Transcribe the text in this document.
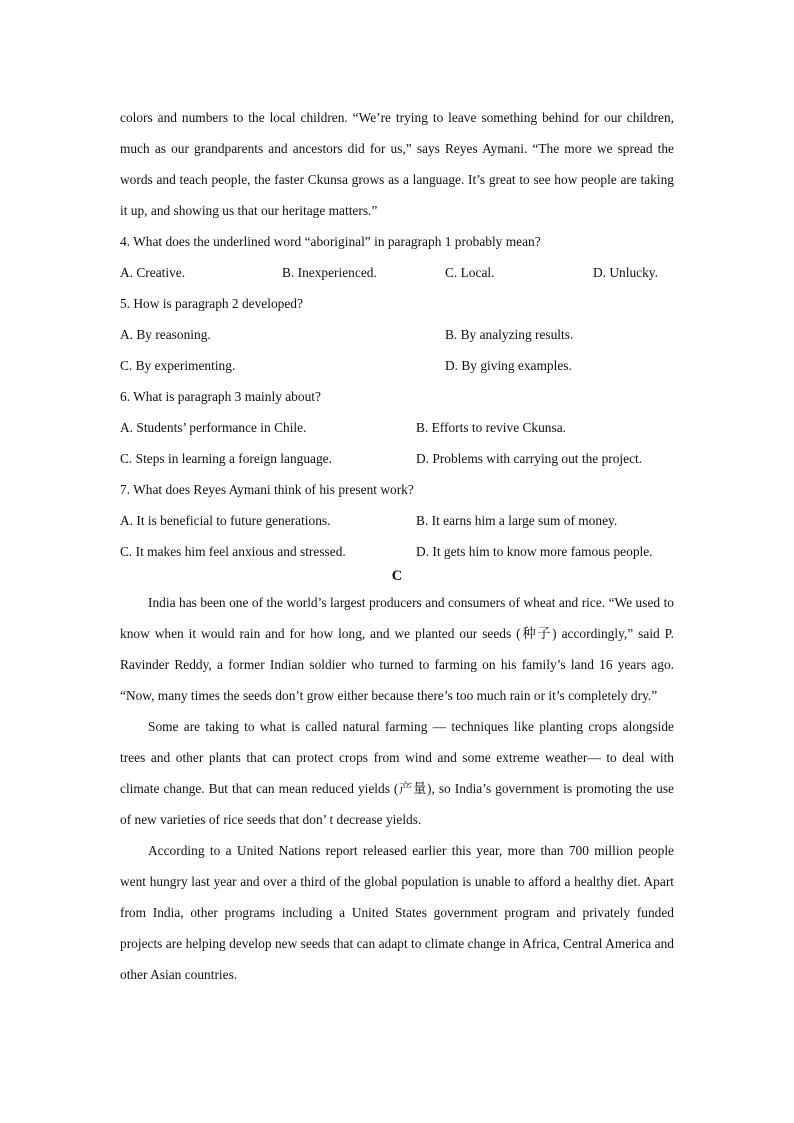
colors and numbers to the local children. “We’re trying to leave something behind for our children, much as our grandparents and ancestors did for us,” says Reyes Aymani. “The more we spread the words and teach people, the faster Ckunsa grows as a language. It’s great to see how people are taking it up, and showing us that our heritage matters.”

4. What does the underlined word “aboriginal” in paragraph 1 probably mean?

A. Creative.	B. Inexperienced.	C. Local.	D. Unlucky.

5. How is paragraph 2 developed?

A. By reasoning.	B. By analyzing results.
C. By experimenting.	D. By giving examples.

6. What is paragraph 3 mainly about?

A. Students’ performance in Chile.	B. Efforts to revive Ckunsa.
C. Steps in learning a foreign language.	D. Problems with carrying out the project.

7. What does Reyes Aymani think of his present work?

A. It is beneficial to future generations.	B. It earns him a large sum of money.
C. It makes him feel anxious and stressed.	D. It gets him to know more famous people.
C

India has been one of the world’s largest producers and consumers of wheat and rice. “We used to know when it would rain and for how long, and we planted our seeds (种子) accordingly,” said P. Ravinder Reddy, a former Indian soldier who turned to farming on his family’s land 16 years ago. “Now, many times the seeds don’t grow either because there’s too much rain or it’s completely dry.”

Some are taking to what is called natural farming — techniques like planting crops alongside trees and other plants that can protect crops from wind and some extreme weather— to deal with climate change. But that can mean reduced yields (产量), so India’s government is promoting the use of new varieties of rice seeds that don’ t decrease yields.

According to a United Nations report released earlier this year, more than 700 million people went hungry last year and over a third of the global population is unable to afford a healthy diet. Apart from India, other programs including a United States government program and privately funded projects are helping develop new seeds that can adapt to climate change in Africa, Central America and other Asian countries.
